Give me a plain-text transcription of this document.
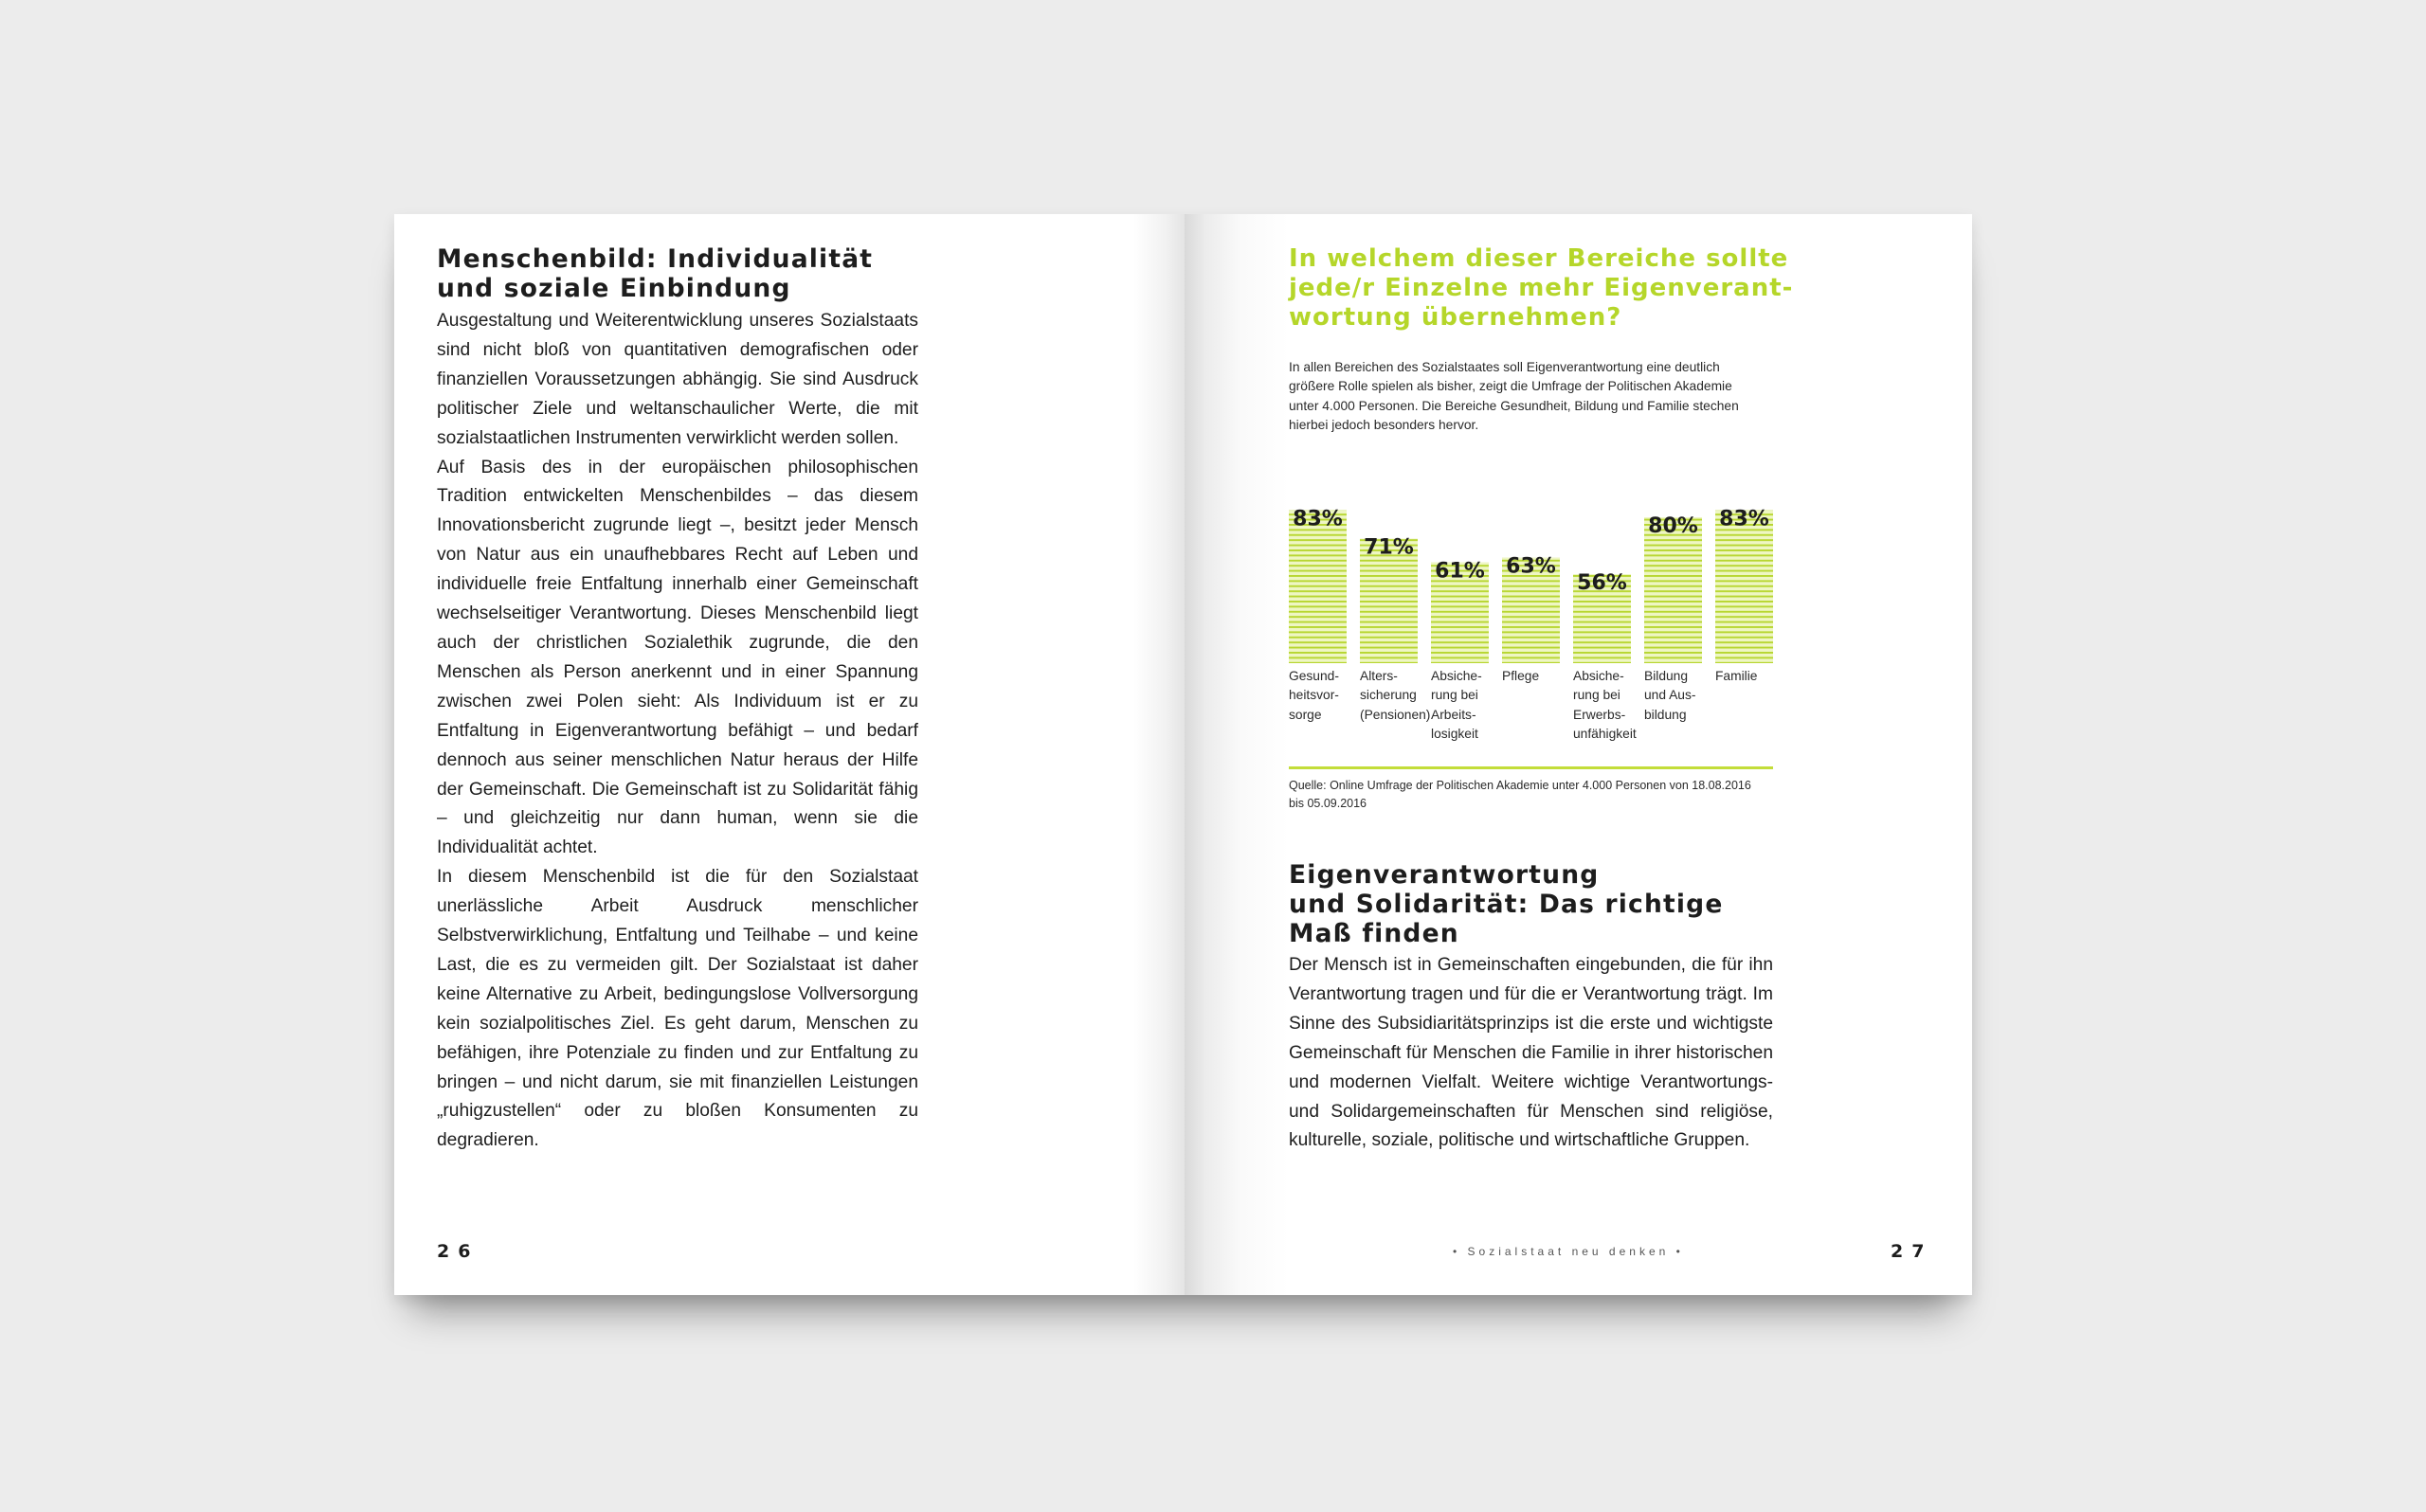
Menschenbild: Individualität
und soziale Einbindung

Ausgestaltung und Weiterentwicklung unseres Sozialstaats sind nicht bloß von quantitativen demografischen oder finanziellen Voraussetzungen abhängig. Sie sind Ausdruck politischer Ziele und weltanschaulicher Werte, die mit sozialstaatlichen Instrumenten verwirklicht werden sollen.

Auf Basis des in der europäischen philosophischen Tradition entwickelten Menschenbildes – das diesem Innovationsbericht zugrunde liegt –, besitzt jeder Mensch von Natur aus ein unaufhebbares Recht auf Leben und individuelle freie Entfaltung innerhalb einer Gemeinschaft wechselseitiger Verantwortung. Dieses Menschenbild liegt auch der christlichen Sozialethik zugrunde, die den Menschen als Person anerkennt und in einer Spannung zwischen zwei Polen sieht: Als Individuum ist er zu Entfaltung in Eigenverantwortung befähigt – und bedarf dennoch aus seiner menschlichen Natur heraus der Hilfe der Gemeinschaft. Die Gemeinschaft ist zu Solidarität fähig – und gleichzeitig nur dann human, wenn sie die Individualität achtet.

In diesem Menschenbild ist die für den Sozialstaat unerlässliche Arbeit Ausdruck menschlicher Selbstverwirklichung, Entfaltung und Teilhabe – und keine Last, die es zu vermeiden gilt. Der Sozialstaat ist daher keine Alternative zu Arbeit, bedingungslose Vollversorgung kein sozialpolitisches Ziel. Es geht darum, Menschen zu befähigen, ihre Potenziale zu finden und zur Entfaltung zu bringen – und nicht darum, sie mit finanziellen Leistungen „ruhigzustellen“ oder zu bloßen Konsumenten zu degradieren.

26
In welchem dieser Bereiche sollte
jede/r Einzelne mehr Eigenverant-
wortung übernehmen?

In allen Bereichen des Sozialstaates soll Eigenverantwortung eine deutlich größere Rolle spielen als bisher, zeigt die Umfrage der Politischen Akademie unter 4.000 Personen. Die Bereiche Gesundheit, Bildung und Familie stechen hierbei jedoch besonders hervor.

83%
71%
61% 63%
56%
80% 83%
Gesund-
heitsvor-
sorge
Alters-
sicherung
(Pensionen)
Absiche-
rung bei
Arbeits-
losigkeit
Pflege	Absiche-
rung bei
Erwerbs-
unfähigkeit
Bildung
und Aus-
bildung
Familie
Quelle: Online Umfrage der Politischen Akademie unter 4.000 Personen von 18.08.2016 bis 05.09.2016
Eigenverantwortung
und Solidarität: Das richtige
Maß finden

Der Mensch ist in Gemeinschaften eingebunden, die für ihn Verantwortung tragen und für die er Verantwortung trägt. Im Sinne des Subsidiaritätsprinzips ist die erste und wichtigste Gemeinschaft für Menschen die Familie in ihrer historischen und modernen Vielfalt. Weitere wichtige Verantwortungs- und Solidargemeinschaften für Menschen sind religiöse, kulturelle, soziale, politische und wirtschaftliche Gruppen.

• Sozialstaat neu denken •	27
